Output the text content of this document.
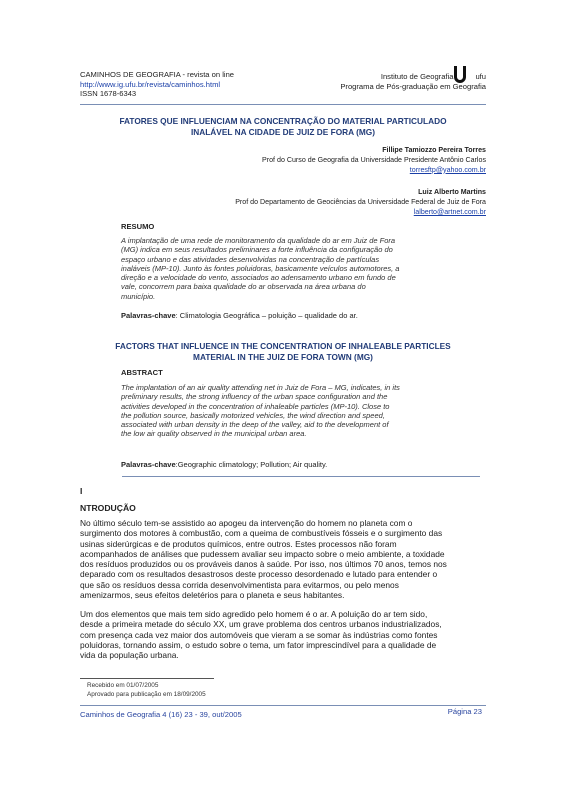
CAMINHOS DE GEOGRAFIA - revista on line
http://www.ig.ufu.br/revista/caminhos.html
ISSN 1678-6343
Instituto de Geografia	ufu
Programa de Pós-graduação em Geografia
FATORES QUE INFLUENCIAM NA CONCENTRAÇÃO DO MATERIAL PARTICULADO
INALÁVEL NA CIDADE DE JUIZ DE FORA (MG)
Fillipe Tamiozzo Pereira Torres
Prof do Curso de Geografia da Universidade Presidente Antônio Carlos
torresftp@yahoo.com.br
Luiz Alberto Martins
Prof do Departamento de Geociências da Universidade Federal de Juiz de Fora
lalberto@artnet.com.br
RESUMO
A implantação de uma rede de monitoramento da qualidade do ar em Juiz de Fora
(MG) indica em seus resultados preliminares a forte influência da configuração do
espaço urbano e das atividades desenvolvidas na concentração de partículas
inaláveis (MP-10). Junto às fontes poluidoras, basicamente veículos automotores, a
direção e a velocidade do vento, associados ao adensamento urbano em fundo de
vale, concorrem para baixa qualidade do ar observada na área urbana do
município.
Palavras-chave: Climatologia Geográfica – poluição – qualidade do ar.
FACTORS THAT INFLUENCE IN THE CONCENTRATION OF INHALEABLE PARTICLES
MATERIAL IN THE JUIZ DE FORA TOWN (MG)
ABSTRACT
The implantation of an air quality attending net in Juiz de Fora – MG, indicates, in its
preliminary results, the strong influency of the urban space configuration and the
activities developed in the concentration of inhaleable particles (MP-10). Close to
the pollution source, basically motorized vehicles, the wind direction and speed,
associated with urban density in the deep of the valley, aid to the development of
the low air quality observed in the municipal urban area.
Palavras-chave:Geographic climatology; Pollution; Air quality.
I
NTRODUÇÃO
No último século tem-se assistido ao apogeu da intervenção do homem no planeta com o
surgimento dos motores à combustão, com a queima de combustíveis fósseis e o surgimento das
usinas siderúrgicas e de produtos químicos, entre outros. Estes processos não foram
acompanhados de análises que pudessem avaliar seu impacto sobre o meio ambiente, a toxidade
dos resíduos produzidos ou os prováveis danos à saúde. Por isso, nos últimos 70 anos, temos nos
deparado com os resultados desastrosos deste processo desordenado e lutado para entender o
que são os resíduos dessa corrida desenvolvimentista para evitarmos, ou pelo menos
amenizarmos, seus efeitos deletérios para o planeta e seus habitantes.
Um dos elementos que mais tem sido agredido pelo homem é o ar. A poluição do ar tem sido,
desde a primeira metade do século XX, um grave problema dos centros urbanos industrializados,
com presença cada vez maior dos automóveis que vieram a se somar às indústrias como fontes
poluidoras, tornando assim, o estudo sobre o tema, um fator imprescindível para a qualidade de
vida da população urbana.
Recebido em 01/07/2005
Aprovado para publicação em 18/09/2005
Caminhos de Geografia 4 (16) 23 - 39, out/2005	Página 23
